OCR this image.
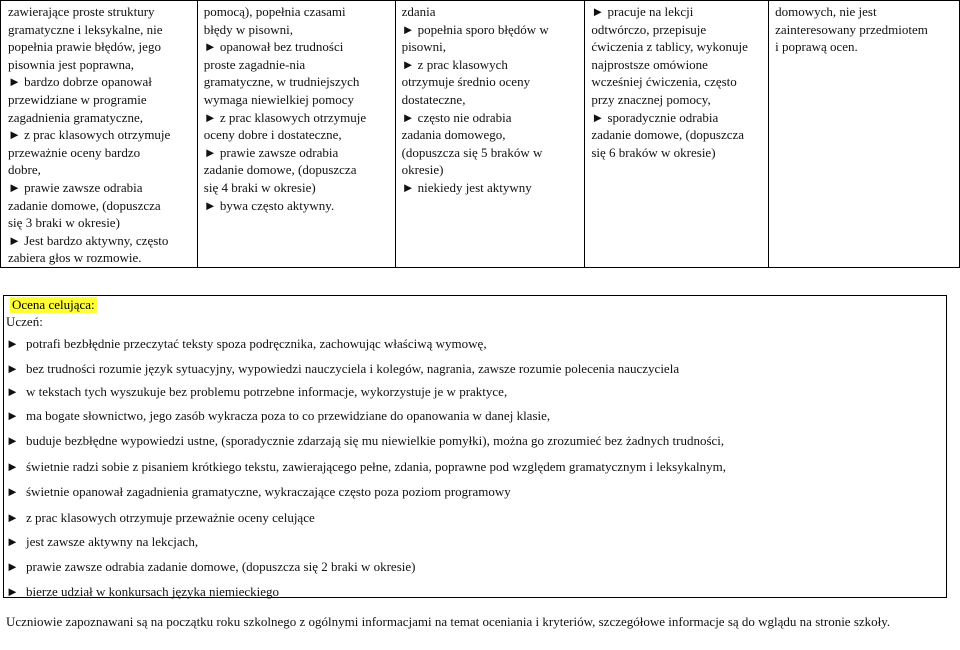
zawierające proste struktury
gramatyczne i leksykalne, nie
popełnia prawie błędów, jego
pisownia jest poprawna,
► bardzo dobrze opanował
przewidziane w programie
zagadnienia gramatyczne,
► z prac klasowych otrzymuje
przeważnie oceny bardzo
dobre,
► prawie zawsze odrabia
zadanie domowe, (dopuszcza
się 3 braki w okresie)
► Jest bardzo aktywny, często
zabiera głos w rozmowie.

pomocą), popełnia czasami
błędy w pisowni,
► opanował bez trudności
proste zagadnie-nia
gramatyczne, w trudniejszych
wymaga niewielkiej pomocy
► z prac klasowych otrzymuje
oceny dobre i dostateczne,
► prawie zawsze odrabia
zadanie domowe, (dopuszcza
się 4 braki w okresie)
► bywa często aktywny.

zdania
► popełnia sporo błędów w
pisowni,
► z prac klasowych
otrzymuje średnio oceny
dostateczne,
► często nie odrabia
zadania domowego,
(dopuszcza się 5 braków w
okresie)
► niekiedy jest aktywny

► pracuje na lekcji
odtwórczo, przepisuje
ćwiczenia z tablicy, wykonuje
najprostsze omówione
wcześniej ćwiczenia, często
przy znacznej pomocy,
► sporadycznie odrabia
zadanie domowe, (dopuszcza
się 6 braków w okresie)

domowych, nie jest
zainteresowany przedmiotem
i poprawą ocen.
Ocena celująca:
Uczeń:
► potrafi bezbłędnie przeczytać teksty spoza podręcznika, zachowując właściwą wymowę,
► bez trudności rozumie język sytuacyjny, wypowiedzi nauczyciela i kolegów, nagrania, zawsze rozumie polecenia nauczyciela
► w tekstach tych wyszukuje bez problemu potrzebne informacje, wykorzystuje je w praktyce,
► ma bogate słownictwo, jego zasób wykracza poza to co przewidziane do opanowania w danej klasie,
► buduje bezbłędne wypowiedzi ustne, (sporadycznie zdarzają się mu niewielkie pomyłki), można go zrozumieć bez żadnych trudności,
► świetnie radzi sobie z pisaniem krótkiego tekstu, zawierającego pełne, zdania, poprawne pod względem gramatycznym i leksykalnym,
► świetnie opanował zagadnienia gramatyczne, wykraczające często poza poziom programowy
► z prac klasowych otrzymuje przeważnie oceny celujące
► jest zawsze aktywny na lekcjach,
► prawie zawsze odrabia zadanie domowe, (dopuszcza się 2 braki w okresie)
► bierze udział w konkursach języka niemieckiego
Uczniowie zapoznawani są na początku roku szkolnego z ogólnymi informacjami na temat oceniania i kryteriów, szczegółowe informacje są do wglądu na stronie szkoły.
